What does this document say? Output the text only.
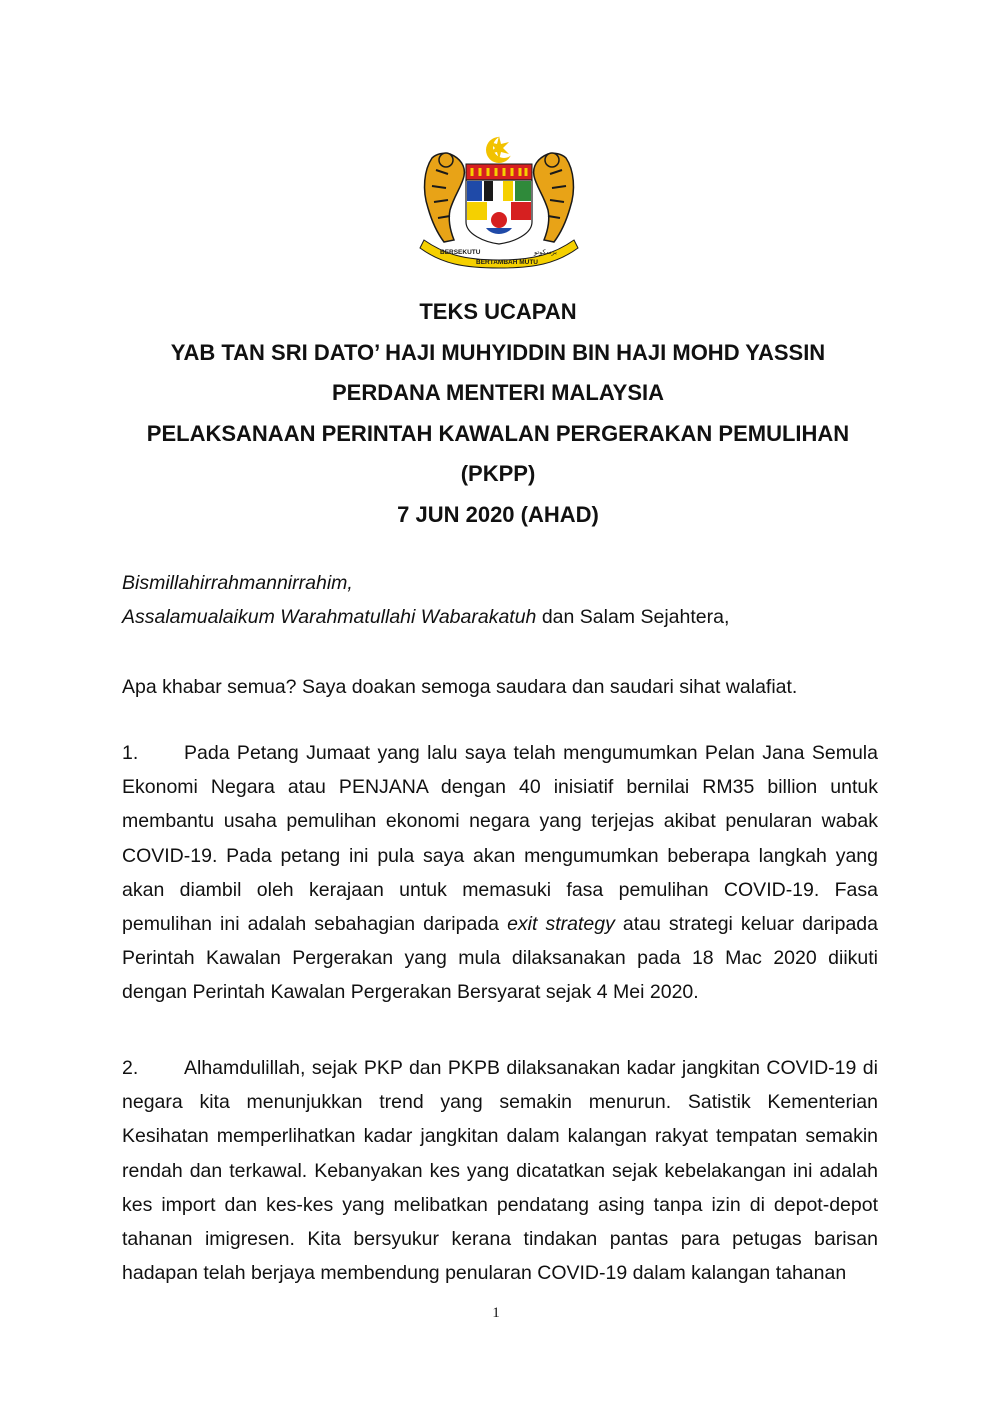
BERSEKUTU
BERTAMBAH MUTU
برسكوتو

TEKS UCAPAN

YAB TAN SRI DATO’ HAJI MUHYIDDIN BIN HAJI MOHD YASSIN

PERDANA MENTERI MALAYSIA

PELAKSANAAN PERINTAH KAWALAN PERGERAKAN PEMULIHAN

(PKPP)

7 JUN 2020 (AHAD)

Bismillahirrahmannirrahim,
Assalamualaikum Warahmatullahi Wabarakatuh dan Salam Sejahtera,
Apa khabar semua? Saya doakan semoga saudara dan saudari sihat walafiat.
1. Pada Petang Jumaat yang lalu saya telah mengumumkan Pelan Jana Semula Ekonomi Negara atau PENJANA dengan 40 inisiatif bernilai RM35 billion untuk membantu usaha pemulihan ekonomi negara yang terjejas akibat penularan wabak COVID-19. Pada petang ini pula saya akan mengumumkan beberapa langkah yang akan diambil oleh kerajaan untuk memasuki fasa pemulihan COVID-19. Fasa pemulihan ini adalah sebahagian daripada exit strategy atau strategi keluar daripada Perintah Kawalan Pergerakan yang mula dilaksanakan pada 18 Mac 2020 diikuti dengan Perintah Kawalan Pergerakan Bersyarat sejak 4 Mei 2020.
2. Alhamdulillah, sejak PKP dan PKPB dilaksanakan kadar jangkitan COVID-19 di negara kita menunjukkan trend yang semakin menurun. Satistik Kementerian Kesihatan memperlihatkan kadar jangkitan dalam kalangan rakyat tempatan semakin rendah dan terkawal. Kebanyakan kes yang dicatatkan sejak kebelakangan ini adalah kes import dan kes-kes yang melibatkan pendatang asing tanpa izin di depot-depot tahanan imigresen. Kita bersyukur kerana tindakan pantas para petugas barisan hadapan telah berjaya membendung penularan COVID-19 dalam kalangan tahanan
1
